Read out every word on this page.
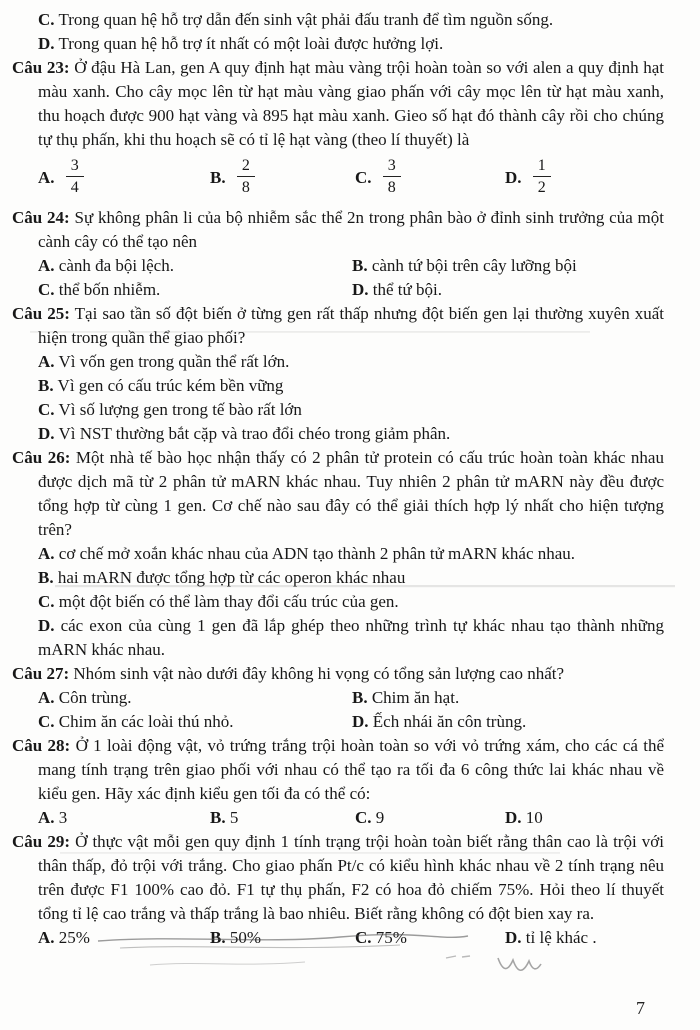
C. Trong quan hệ hỗ trợ dẫn đến sinh vật phải đấu tranh để tìm nguồn sống.

D. Trong quan hệ hỗ trợ ít nhất có một loài được hưởng lợi.

Câu 23: Ở đậu Hà Lan, gen A quy định hạt màu vàng trội hoàn toàn so với alen a quy định hạt màu xanh. Cho cây mọc lên từ hạt màu vàng giao phấn với cây mọc lên từ hạt màu xanh, thu hoạch được 900 hạt vàng và 895 hạt màu xanh. Gieo số hạt đó thành cây rồi cho chúng tự thụ phấn, khi thu hoạch sẽ có tỉ lệ hạt vàng (theo lí thuyết) là

A. $\frac{3}{4}$	B. $\frac{2}{8}$	C. $\frac{3}{8}$	D. $\frac{1}{2}$

Câu 24: Sự không phân li của bộ nhiễm sắc thể 2n trong phân bào ở đỉnh sinh trưởng của một cành cây có thể tạo nên

A. cành đa bội lệch.	B. cành tứ bội trên cây lưỡng bội
C. thể bốn nhiễm.	D. thể tứ bội.

Câu 25: Tại sao tần số đột biến ở từng gen rất thấp nhưng đột biến gen lại thường xuyên xuất hiện trong quần thể giao phối?

A. Vì vốn gen trong quần thể rất lớn.

B. Vì gen có cấu trúc kém bền vững

C. Vì số lượng gen trong tế bào rất lớn

D. Vì NST thường bắt cặp và trao đổi chéo trong giảm phân.

Câu 26: Một nhà tế bào học nhận thấy có 2 phân tử protein có cấu trúc hoàn toàn khác nhau được dịch mã từ 2 phân tử mARN khác nhau. Tuy nhiên 2 phân tử mARN này đều được tổng hợp từ cùng 1 gen. Cơ chế nào sau đây có thể giải thích hợp lý nhất cho hiện tượng trên?

A. cơ chế mở xoắn khác nhau của ADN tạo thành 2 phân tử mARN khác nhau.

B. hai mARN được tổng hợp từ các operon khác nhau

C. một đột biến có thể làm thay đổi cấu trúc của gen.

D. các exon của cùng 1 gen đã lắp ghép theo những trình tự khác nhau tạo thành những mARN khác nhau.

Câu 27: Nhóm sinh vật nào dưới đây không hi vọng có tổng sản lượng cao nhất?

A. Côn trùng.	B. Chim ăn hạt.
C. Chim ăn các loài thú nhỏ.	D. Ếch nhái ăn côn trùng.

Câu 28: Ở 1 loài động vật, vỏ trứng trắng trội hoàn toàn so với vỏ trứng xám, cho các cá thể mang tính trạng trên giao phối với nhau có thể tạo ra tối đa 6 công thức lai khác nhau về kiểu gen. Hãy xác định kiểu gen tối đa có thể có:

A. 3	B. 5	C. 9	D. 10

Câu 29: Ở thực vật mỗi gen quy định 1 tính trạng trội hoàn toàn biết rằng thân cao là trội với thân thấp, đỏ trội với trắng. Cho giao phấn Pt/c có kiểu hình khác nhau về 2 tính trạng nêu trên được F1 100% cao đỏ. F1 tự thụ phấn, F2 có hoa đỏ chiếm 75%. Hỏi theo lí thuyết tổng tỉ lệ cao trắng và thấp trắng là bao nhiêu. Biết rằng không có đột bien xay ra.

A. 25%	B. 50%	C. 75%	D. tỉ lệ khác .
7
